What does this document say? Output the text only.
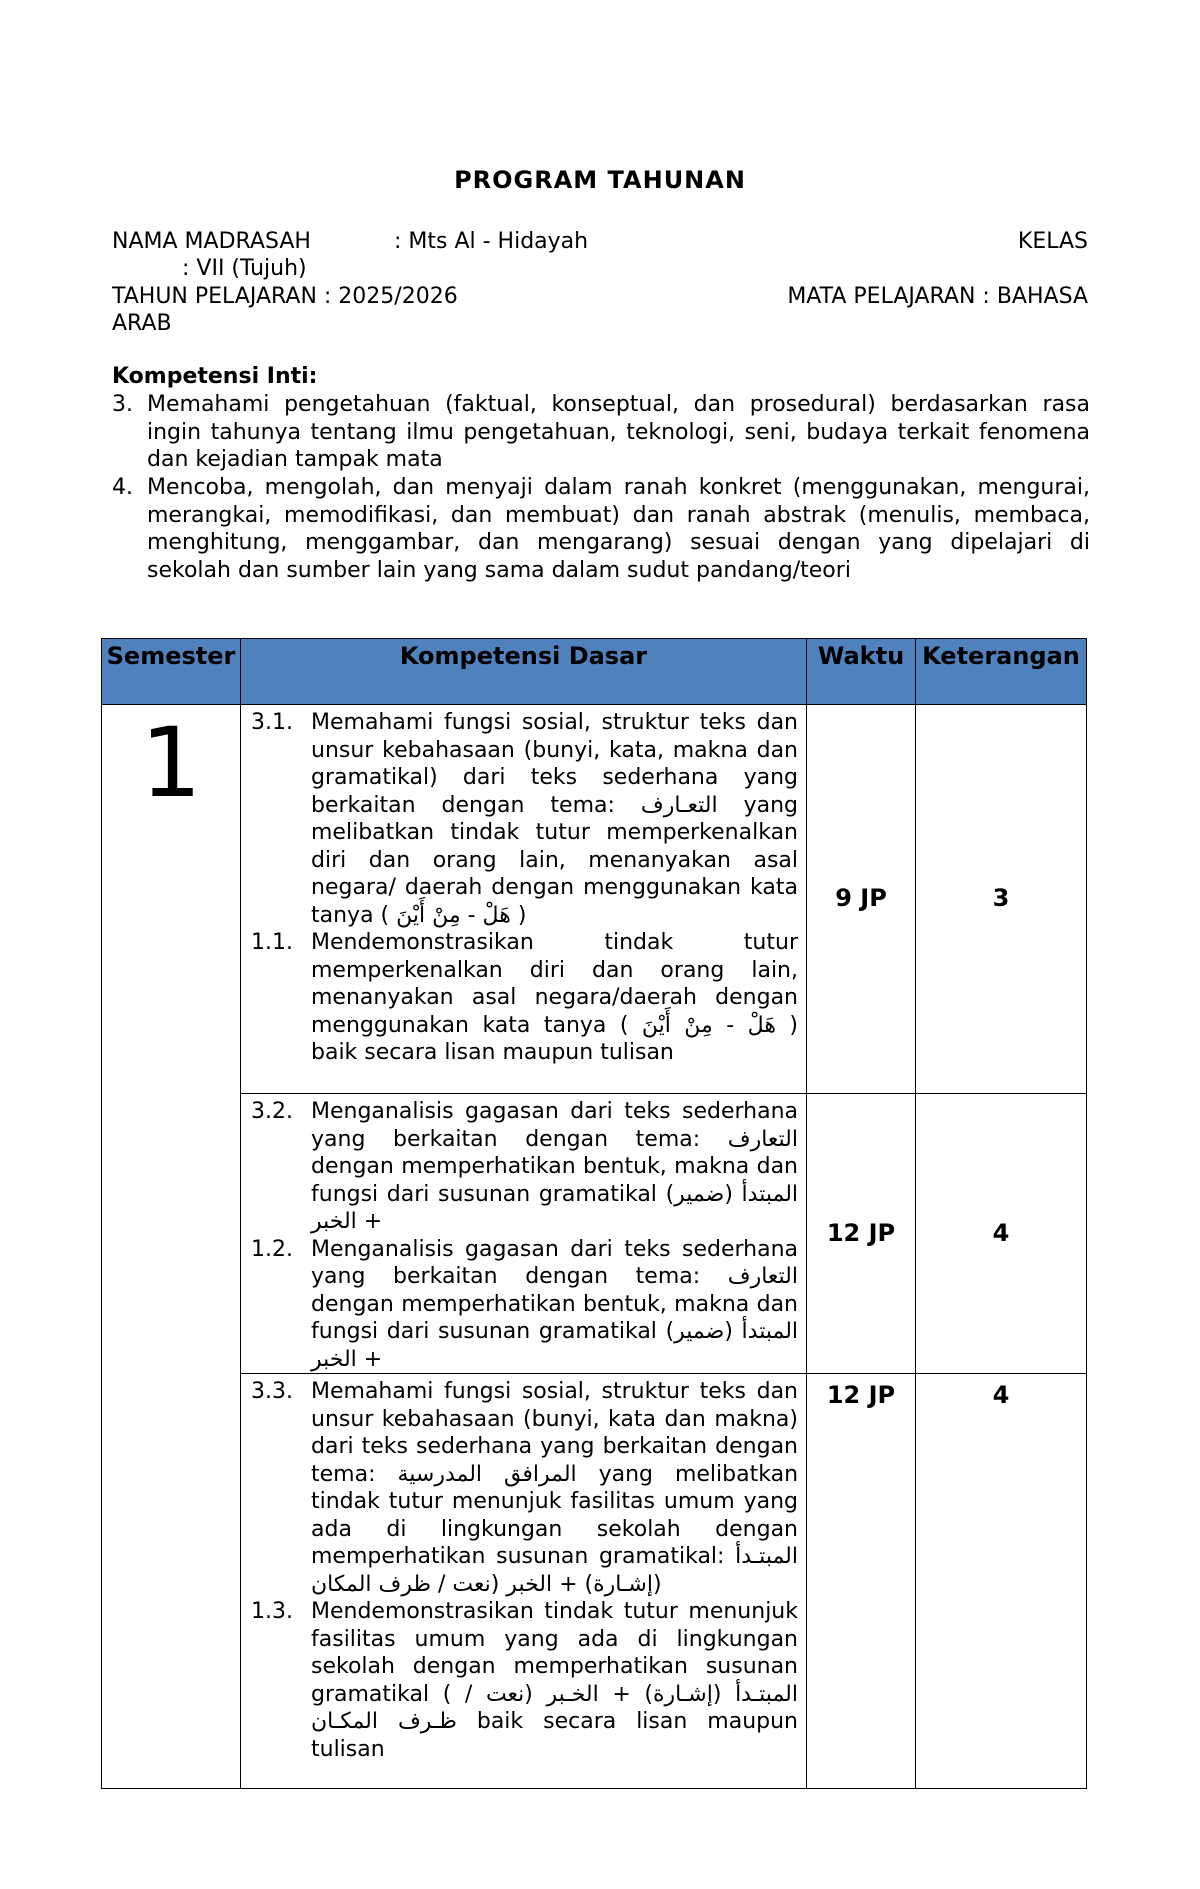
PROGRAM TAHUNAN
NAMA MADRASAH	: Mts Al - Hidayah	KELAS
: VII (Tujuh)
TAHUN PELAJARAN : 2025/2026	MATA PELAJARAN : BAHASA
ARAB
Kompetensi Inti:
3. Memahami pengetahuan (faktual, konseptual, dan prosedural) berdasarkan rasa ingin tahunya tentang ilmu pengetahuan, teknologi, seni, budaya terkait fenomena dan kejadian tampak mata
4. Mencoba, mengolah, dan menyaji dalam ranah konkret (menggunakan, mengurai, merangkai, memodifikasi, dan membuat) dan ranah abstrak (menulis, membaca, menghitung, menggambar, dan mengarang) sesuai dengan yang dipelajari di sekolah dan sumber lain yang sama dalam sudut pandang/teori
Semester	Kompetensi Dasar	Waktu	Keterangan

1	3.1. Memahami fungsi sosial, struktur teks dan unsur kebahasaan (bunyi, kata, makna dan gramatikal) dari teks sederhana yang berkaitan dengan tema: التعـارف yang melibatkan tindak tutur memperkenalkan diri dan orang lain, menanyakan asal negara/ daerah dengan menggunakan kata tanya ( هَلْ - مِنْ أَيْنَ )
1.1. Mendemonstrasikan tindak tutur memperkenalkan diri dan orang lain, menanyakan asal negara/daerah dengan menggunakan kata tanya ( هَلْ - مِنْ أَيْنَ ) baik secara lisan maupun tulisan	9 JP	3

	3.2. Menganalisis gagasan dari teks sederhana yang berkaitan dengan tema: التعارف dengan memperhatikan bentuk, makna dan fungsi dari susunan gramatikal المبتدأ (ضمير) + الخبر
1.2. Menganalisis gagasan dari teks sederhana yang berkaitan dengan tema: التعارف dengan memperhatikan bentuk, makna dan fungsi dari susunan gramatikal المبتدأ (ضمير) + الخبر	12 JP	4

	3.3. Memahami fungsi sosial, struktur teks dan unsur kebahasaan (bunyi, kata dan makna) dari teks sederhana yang berkaitan dengan tema: المرافق المدرسية yang melibatkan tindak tutur menunjuk fasilitas umum yang ada di lingkungan sekolah dengan memperhatikan susunan gramatikal: المبتـدأ (إشـارة) + الخبر (نعت / ظرف المكان
1.3. Mendemonstrasikan tindak tutur menunjuk fasilitas umum yang ada di lingkungan sekolah dengan memperhatikan susunan gramatikal ( المبتـدأ (إشـارة) + الخـبر (نعت / ظـرف المكـان baik secara lisan maupun tulisan	12 JP	4
